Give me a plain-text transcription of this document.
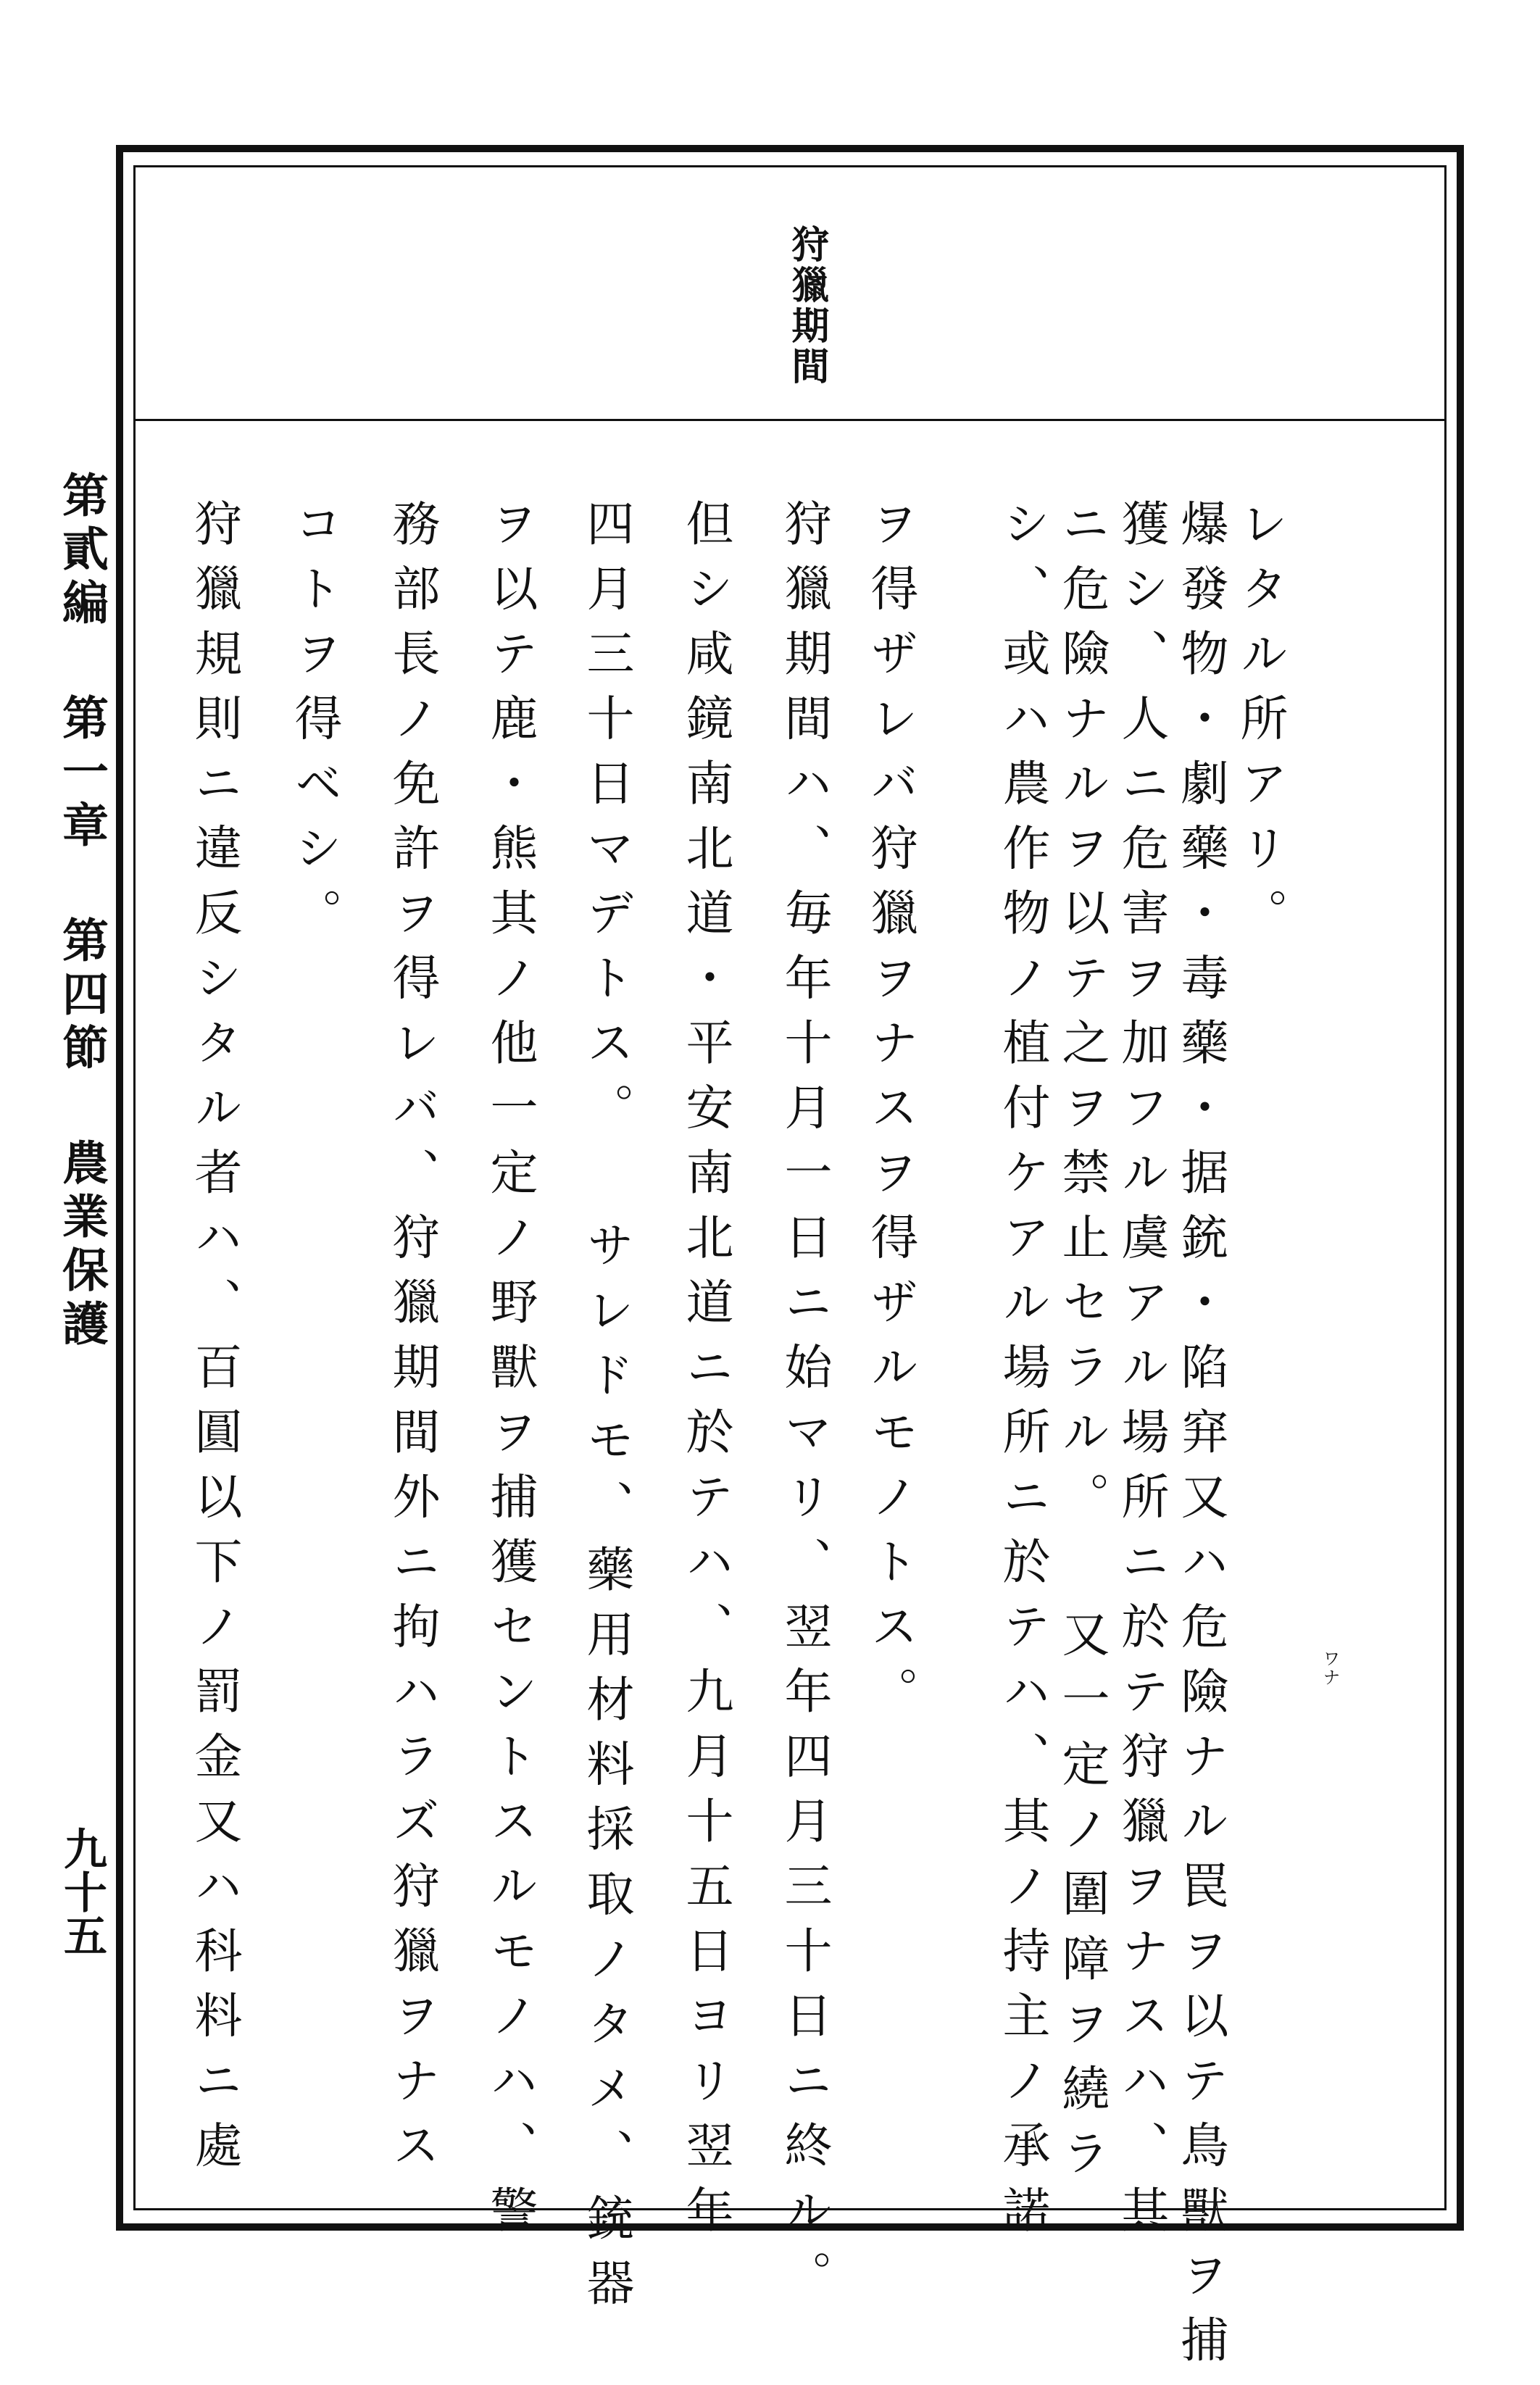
第貳編 第一章 第四節 農業保護
九十五
狩獵期間
レタル所アリ。
爆發物・劇藥・毒藥・据銃・陷穽又ハ危險ナル罠ヲ以テ鳥獸ヲ捕
獲シ、人ニ危害ヲ加フル虞アル場所ニ於テ狩獵ヲナスハ、其
ニ危險ナルヲ以テ之ヲ禁止セラル。 又一定ノ圍障ヲ繞ラ
シ、或ハ農作物ノ植付ケアル場所ニ於テハ、其ノ持主ノ承諾
ヲ得ザレバ狩獵ヲナスヲ得ザルモノトス。
狩獵期間ハ、毎年十月一日ニ始マリ、翌年四月三十日ニ終ル。
但シ咸鏡南北道・平安南北道ニ於テハ、九月十五日ヨリ翌年
四月三十日マデトス。 サレドモ、藥用材料採取ノタメ、銃器
ヲ以テ鹿・熊其ノ他一定ノ野獸ヲ捕獲セントスルモノハ、警
務部長ノ免許ヲ得レバ、狩獵期間外ニ拘ハラズ狩獵ヲナス
コトヲ得ベシ。
狩獵規則ニ違反シタル者ハ、百圓以下ノ罰金又ハ科料ニ處	ワナ
